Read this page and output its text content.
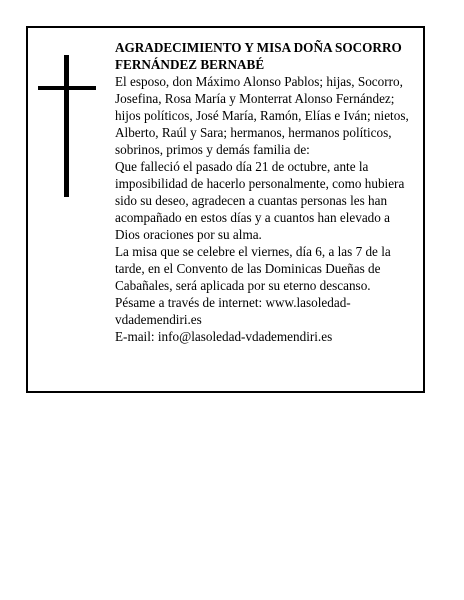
AGRADECIMIENTO Y MISA DOÑA SOCORRO FERNÁNDEZ BERNABÉ

El esposo, don Máximo Alonso Pablos; hijas, Socorro, Josefina, Rosa María y Monterrat Alonso Fernández; hijos políticos, José María, Ramón, Elías e Iván; nietos, Alberto, Raúl y Sara; hermanos, hermanos políticos, sobrinos, primos y demás familia de:

Que falleció el pasado día 21 de octubre, ante la imposibilidad de hacerlo personalmente, como hubiera sido su deseo, agradecen a cuantas personas les han acompañado en estos días y a cuantos han elevado a Dios oraciones por su alma.

La misa que se celebre el viernes, día 6, a las 7 de la tarde, en el Convento de las Dominicas Dueñas de Cabañales, será aplicada por su eterno descanso.

Pésame a través de internet: www.lasoledad-vdademendiri.es

E-mail: info@lasoledad-vdademendiri.es
